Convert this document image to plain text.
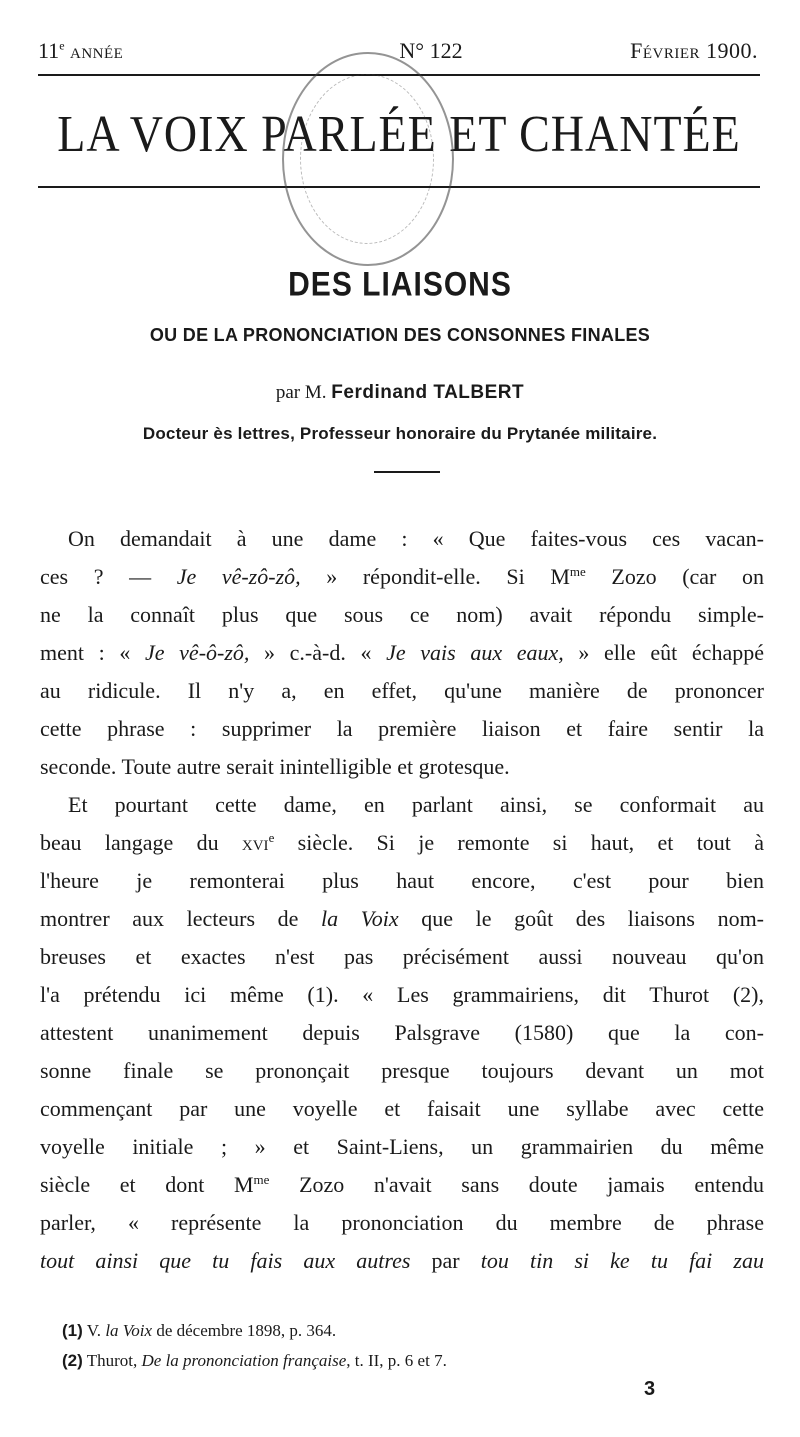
11e ANNÉE	N° 122	Février 1900.
LA VOIX PARLÉE ET CHANTÉE
DES LIAISONS
OU DE LA PRONONCIATION DES CONSONNES FINALES
par M. Ferdinand TALBERT
Docteur ès lettres, Professeur honoraire du Prytanée militaire.
On demandait à une dame : « Que faites-vous ces vacan-
ces ? — Je vê-zô-zô, » répondit-elle. Si $M^{me}$ Zozo (car on
ne la connaît plus que sous ce nom) avait répondu simple-
ment : « Je vê-ô-zô, » c.-à-d. « Je vais aux eaux, » elle eût échappé
au ridicule. Il n'y a, en effet, qu'une manière de prononcer
cette phrase : supprimer la première liaison et faire sentir la
seconde. Toute autre serait inintelligible et grotesque.
Et pourtant cette dame, en parlant ainsi, se conformait au
beau langage du xvi$^e$ siècle. Si je remonte si haut, et tout à
l'heure je remonterai plus haut encore, c'est pour bien
montrer aux lecteurs de la Voix que le goût des liaisons nom-
breuses et exactes n'est pas précisément aussi nouveau qu'on
l'a prétendu ici même (1). « Les grammairiens, dit Thurot (2),
attestent unanimement depuis Palsgrave (1580) que la con-
sonne finale se prononçait presque toujours devant un mot
commençant par une voyelle et faisait une syllabe avec cette
voyelle initiale ; » et Saint-Liens, un grammairien du même
siècle et dont $M^{me}$ Zozo n'avait sans doute jamais entendu
parler, « représente la prononciation du membre de phrase
tout ainsi que tu fais aux autres par tou tin si ke tu fai zau
(1) V. la Voix de décembre 1898, p. 364.
(2) Thurot, De la prononciation française, t. II, p. 6 et 7.
3
